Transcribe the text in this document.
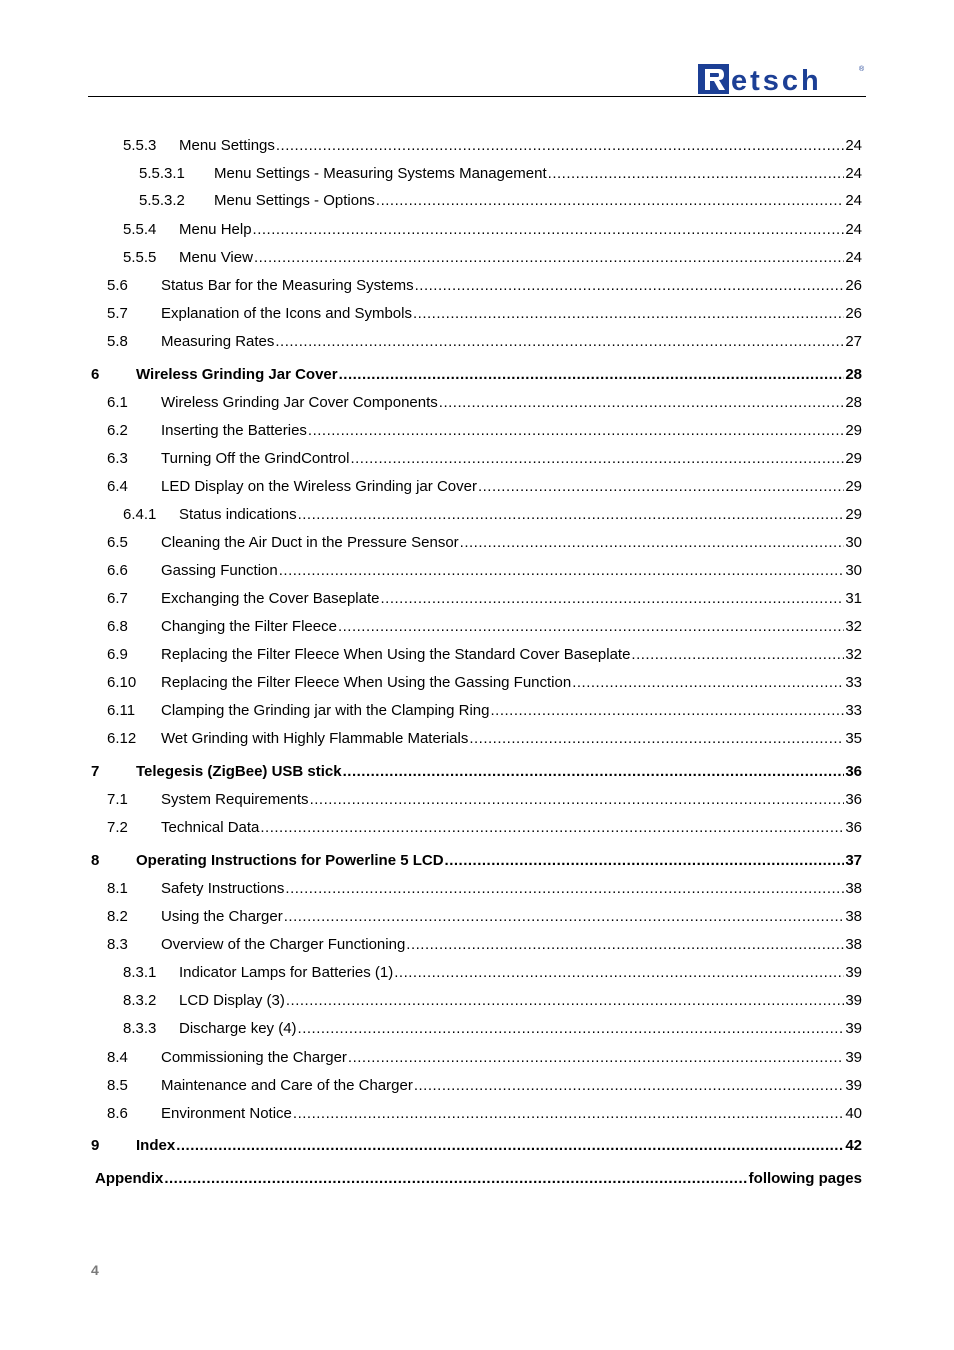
etsch	®
5.5.3 Menu Settings .....	24
5.5.3.1 Menu Settings - Measuring Systems Management .....	24
5.5.3.2 Menu Settings - Options .....	24
5.5.4 Menu Help .....	24
5.5.5 Menu View .....	24
5.6 Status Bar for the Measuring Systems .....	26
5.7 Explanation of the Icons and Symbols .....	26
5.8 Measuring Rates .....	27
6 Wireless Grinding Jar Cover .....	28
6.1 Wireless Grinding Jar Cover Components .....	28
6.2 Inserting the Batteries .....	29
6.3 Turning Off the GrindControl .....	29
6.4 LED Display on the Wireless Grinding jar Cover .....	29
6.4.1 Status indications .....	29
6.5 Cleaning the Air Duct in the Pressure Sensor .....	30
6.6 Gassing Function .....	30
6.7 Exchanging the Cover Baseplate .....	31
6.8 Changing the Filter Fleece .....	32
6.9 Replacing the Filter Fleece When Using the Standard Cover Baseplate .....	32
6.10 Replacing the Filter Fleece When Using the Gassing Function .....	33
6.11 Clamping the Grinding jar with the Clamping Ring .....	33
6.12 Wet Grinding with Highly Flammable Materials .....	35
7 Telegesis (ZigBee) USB stick .....	36
7.1 System Requirements .....	36
7.2 Technical Data .....	36
8 Operating Instructions for Powerline 5 LCD .....	37
8.1 Safety Instructions .....	38
8.2 Using the Charger .....	38
8.3 Overview of the Charger Functioning .....	38
8.3.1 Indicator Lamps for Batteries (1) .....	39
8.3.2 LCD Display (3) .....	39
8.3.3 Discharge key (4) .....	39
8.4 Commissioning the Charger .....	39
8.5 Maintenance and Care of the Charger .....	39
8.6 Environment Notice .....	40
9 Index .....	42
Appendix .....	following pages
4
